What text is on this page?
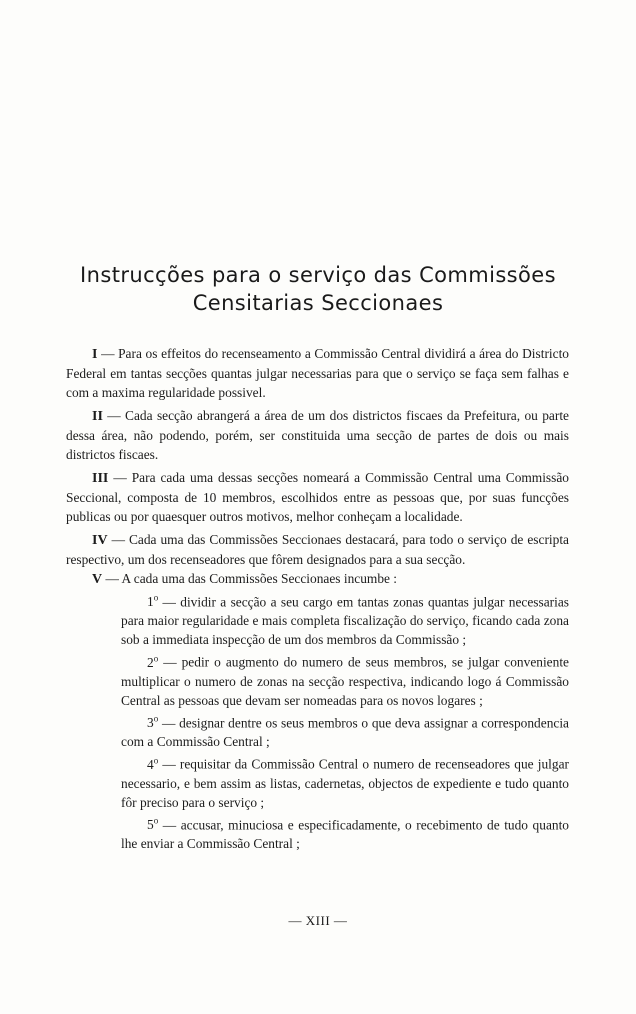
Instrucções para o serviço das Commissões
Censitarias Seccionaes

I — Para os effeitos do recenseamento a Commissão Central dividirá a área do Districto Federal em tantas secções quantas julgar necessarias para que o serviço se faça sem falhas e com a maxima regularidade possivel.

II — Cada secção abrangerá a área de um dos districtos fiscaes da Prefeitura, ou parte dessa área, não podendo, porém, ser constituida uma secção de partes de dois ou mais districtos fiscaes.

III — Para cada uma dessas secções nomeará a Commissão Central uma Commissão Seccional, composta de 10 membros, escolhidos entre as pessoas que, por suas funcções publicas ou por quaesquer outros motivos, melhor conheçam a localidade.

IV — Cada uma das Commissões Seccionaes destacará, para todo o serviço de escripta respectivo, um dos recenseadores que fôrem designados para a sua secção.

V — A cada uma das Commissões Seccionaes incumbe :

1$^o$ — dividir a secção a seu cargo em tantas zonas quantas julgar necessarias para maior regularidade e mais completa fiscalização do serviço, ficando cada zona sob a immediata inspecção de um dos membros da Commissão ;

2$^o$ — pedir o augmento do numero de seus membros, se julgar conveniente multiplicar o numero de zonas na secção respectiva, indicando logo á Commissão Central as pessoas que devam ser nomeadas para os novos logares ;

3$^o$ — designar dentre os seus membros o que deva assignar a correspondencia com a Commissão Central ;

4$^o$ — requisitar da Commissão Central o numero de recenseadores que julgar necessario, e bem assim as listas, cadernetas, objectos de expediente e tudo quanto fôr preciso para o serviço ;

5$^o$ — accusar, minuciosa e especificadamente, o recebimento de tudo quanto lhe enviar a Commissão Central ;

— XIII —
